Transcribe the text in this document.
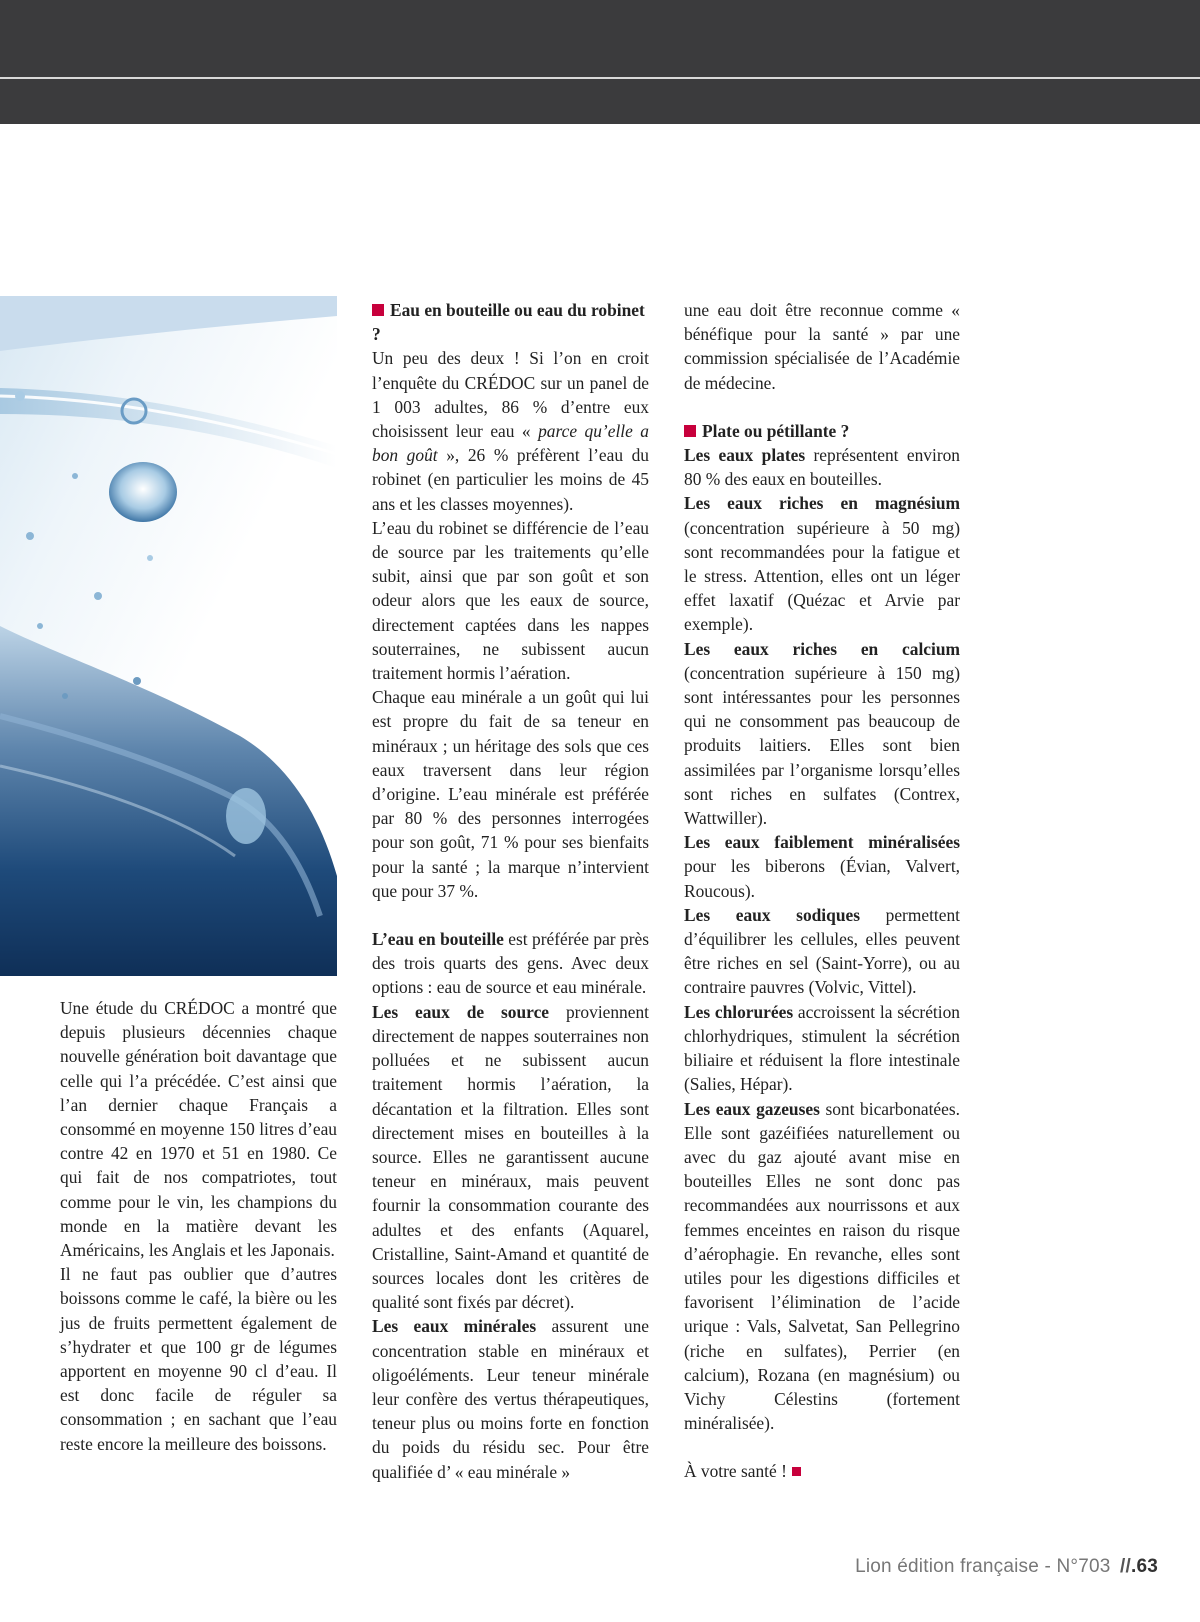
Une étude du CRÉDOC a montré que depuis plusieurs décennies chaque nouvelle génération boit davantage que celle qui l’a précédée. C’est ainsi que l’an dernier chaque Français a consommé en moyenne 150 litres d’eau contre 42 en 1970 et 51 en 1980. Ce qui fait de nos compatriotes, tout comme pour le vin, les champions du monde en la matière devant les Américains, les Anglais et les Japonais.

Il ne faut pas oublier que d’autres boissons comme le café, la bière ou les jus de fruits permettent également de s’hydrater et que 100 gr de légumes apportent en moyenne 90 cl d’eau. Il est donc facile de réguler sa consommation ; en sachant que l’eau reste encore la meilleure des boissons.

Eau en bouteille ou eau du robinet ?

Un peu des deux ! Si l’on en croit l’enquête du CRÉDOC sur un panel de 1 003 adultes, 86 % d’entre eux choisissent leur eau « parce qu’elle a bon goût », 26 % préfèrent l’eau du robinet (en particulier les moins de 45 ans et les classes moyennes).

L’eau du robinet se différencie de l’eau de source par les traitements qu’elle subit, ainsi que par son goût et son odeur alors que les eaux de source, directement captées dans les nappes souterraines, ne subissent aucun traitement hormis l’aération.

Chaque eau minérale a un goût qui lui est propre du fait de sa teneur en minéraux ; un héritage des sols que ces eaux traversent dans leur région d’origine. L’eau minérale est préférée par 80 % des personnes interrogées pour son goût, 71 % pour ses bienfaits pour la santé ; la marque n’intervient que pour 37 %.

L’eau en bouteille est préférée par près des trois quarts des gens. Avec deux options : eau de source et eau minérale.

Les eaux de source proviennent directement de nappes souterraines non polluées et ne subissent aucun traitement hormis l’aération, la décantation et la filtration. Elles sont directement mises en bouteilles à la source. Elles ne garantissent aucune teneur en minéraux, mais peuvent fournir la consommation courante des adultes et des enfants (Aquarel, Cristalline, Saint-Amand et quantité de sources locales dont les critères de qualité sont fixés par décret).

Les eaux minérales assurent une concentration stable en minéraux et oligoéléments. Leur teneur minérale leur confère des vertus thérapeutiques, teneur plus ou moins forte en fonction du poids du résidu sec. Pour être qualifiée d’ « eau minérale »

une eau doit être reconnue comme « bénéfique pour la santé » par une commission spécialisée de l’Académie de médecine.

Plate ou pétillante ?

Les eaux plates représentent environ 80 % des eaux en bouteilles.

Les eaux riches en magnésium (concentration supérieure à 50 mg) sont recommandées pour la fatigue et le stress. Attention, elles ont un léger effet laxatif (Quézac et Arvie par exemple).

Les eaux riches en calcium (concentration supérieure à 150 mg) sont intéressantes pour les personnes qui ne consomment pas beaucoup de produits laitiers. Elles sont bien assimilées par l’organisme lorsqu’elles sont riches en sulfates (Contrex, Wattwiller).

Les eaux faiblement minéralisées pour les biberons (Évian, Valvert, Roucous).

Les eaux sodiques permettent d’équilibrer les cellules, elles peuvent être riches en sel (Saint-Yorre), ou au contraire pauvres (Volvic, Vittel).

Les chlorurées accroissent la sécrétion chlorhydriques, stimulent la sécrétion biliaire et réduisent la flore intestinale (Salies, Hépar).

Les eaux gazeuses sont bicarbonatées. Elle sont gazéifiées naturellement ou avec du gaz ajouté avant mise en bouteilles Elles ne sont donc pas recommandées aux nourrissons et aux femmes enceintes en raison du risque d’aérophagie. En revanche, elles sont utiles pour les digestions difficiles et favorisent l’élimination de l’acide urique : Vals, Salvetat, San Pellegrino (riche en sulfates), Perrier (en calcium), Rozana (en magnésium) ou Vichy Célestins (fortement minéralisée).

À votre santé !

Lion édition française - N°703 //.63
